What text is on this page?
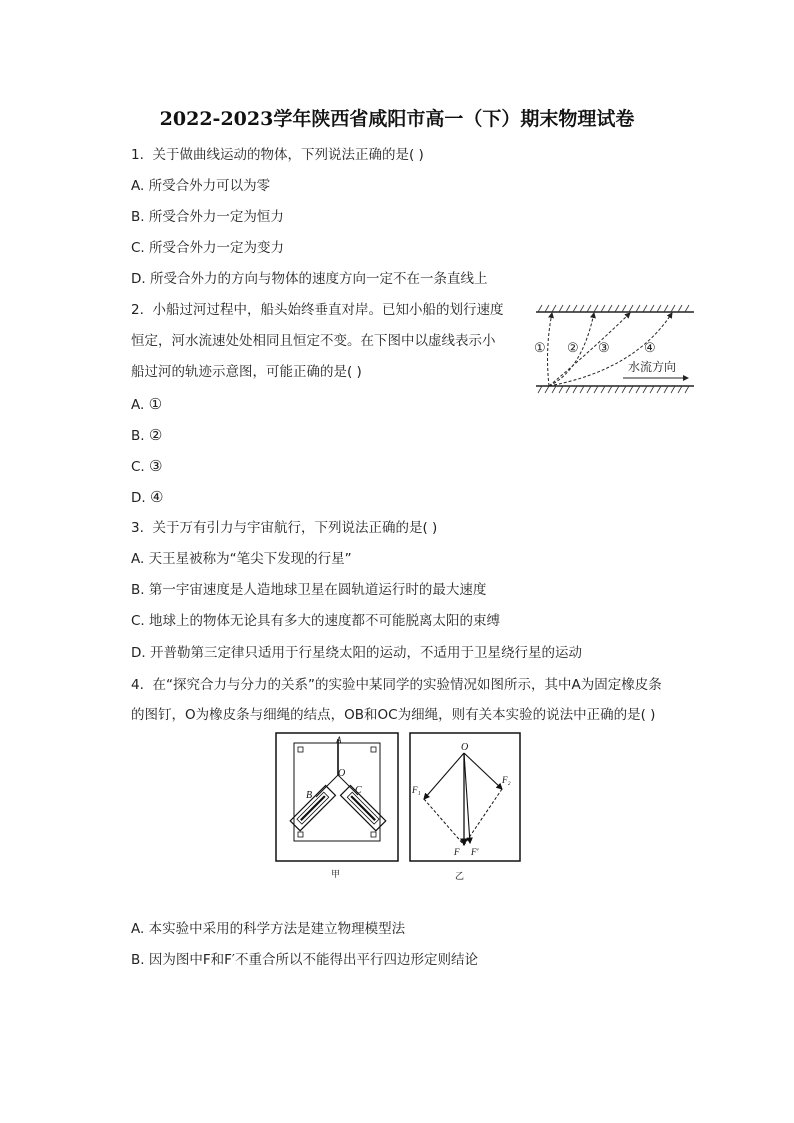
2022-2023学年陕西省咸阳市高一（下）期末物理试卷
1. 关于做曲线运动的物体，下列说法正确的是( )
A. 所受合外力可以为零
B. 所受合外力一定为恒力
C. 所受合外力一定为变力
D. 所受合外力的方向与物体的速度方向一定不在一条直线上
2. 小船过河过程中，船头始终垂直对岸。已知小船的划行速度
恒定，河水流速处处相同且恒定不变。在下图中以虚线表示小
船过河的轨迹示意图，可能正确的是( )
A. ①
B. ②
C. ③
D. ④
① ② ③	④
水流方向
3. 关于万有引力与宇宙航行，下列说法正确的是( )
A. 天王星被称为“笔尖下发现的行星”
B. 第一宇宙速度是人造地球卫星在圆轨道运行时的最大速度
C. 地球上的物体无论具有多大的速度都不可能脱离太阳的束缚
D. 开普勒第三定律只适用于行星绕太阳的运动，不适用于卫星绕行星的运动
4. 在“探究合力与分力的关系”的实验中某同学的实验情况如图所示，其中A为固定橡皮条
的图钉，O为橡皮条与细绳的结点，OB和OC为细绳，则有关本实验的说法中正确的是( )
A
O
B	C
甲
O
F₁
F₂
F F′
乙
A. 本实验中采用的科学方法是建立物理模型法
B. 因为图中F和F′不重合所以不能得出平行四边形定则结论
